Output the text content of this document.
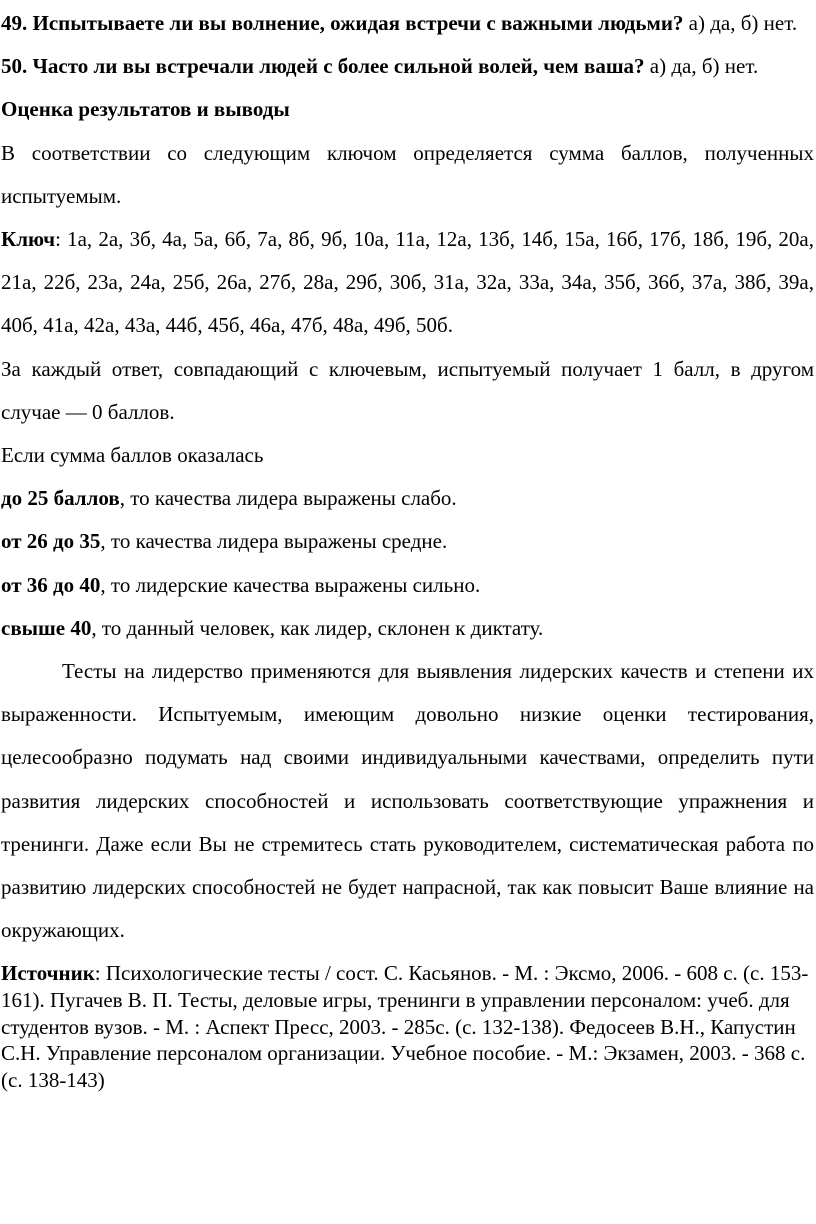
49. Испытываете ли вы волнение, ожидая встречи с важными людьми? а) да, б) нет.

50. Часто ли вы встречали людей с более сильной волей, чем ваша? а) да, б) нет.

Оценка результатов и выводы

В соответствии со следующим ключом определяется сумма баллов, полученных испытуемым.

Ключ: 1а, 2а, 3б, 4а, 5а, 6б, 7а, 8б, 9б, 10а, 11а, 12а, 13б, 14б, 15а, 16б, 17б, 18б, 19б, 20а, 21а, 22б, 23а, 24а, 25б, 26а, 27б, 28а, 29б, 30б, 31а, 32а, 33а, 34а, 35б, 36б, 37а, 38б, 39а, 40б, 41а, 42а, 43а, 44б, 45б, 46а, 47б, 48а, 49б, 50б.

За каждый ответ, совпадающий с ключевым, испытуемый получает 1 балл, в другом случае — 0 баллов.

Если сумма баллов оказалась

до 25 баллов, то качества лидера выражены слабо.

от 26 до 35, то качества лидера выражены средне.

от 36 до 40, то лидерские качества выражены сильно.

свыше 40, то данный человек, как лидер, склонен к диктату.

Тесты на лидерство применяются для выявления лидерских качеств и степени их выраженности. Испытуемым, имеющим довольно низкие оценки тестирования, целесообразно подумать над своими индивидуальными качествами, определить пути развития лидерских способностей и использовать соответствующие упражнения и тренинги. Даже если Вы не стремитесь стать руководителем, систематическая работа по развитию лидерских способностей не будет напрасной, так как повысит Ваше влияние на окружающих.

Источник: Психологические тесты / сост. С. Касьянов. - М. : Эксмо, 2006. - 608 с. (с. 153-161). Пугачев В. П. Тесты, деловые игры, тренинги в управлении персоналом: учеб. для студентов вузов. - М. : Аспект Пресс, 2003. - 285с. (с. 132-138). Федосеев В.Н., Капустин С.Н. Управление персоналом организации. Учебное пособие. - М.: Экзамен, 2003. - 368 с. (с. 138-143)
